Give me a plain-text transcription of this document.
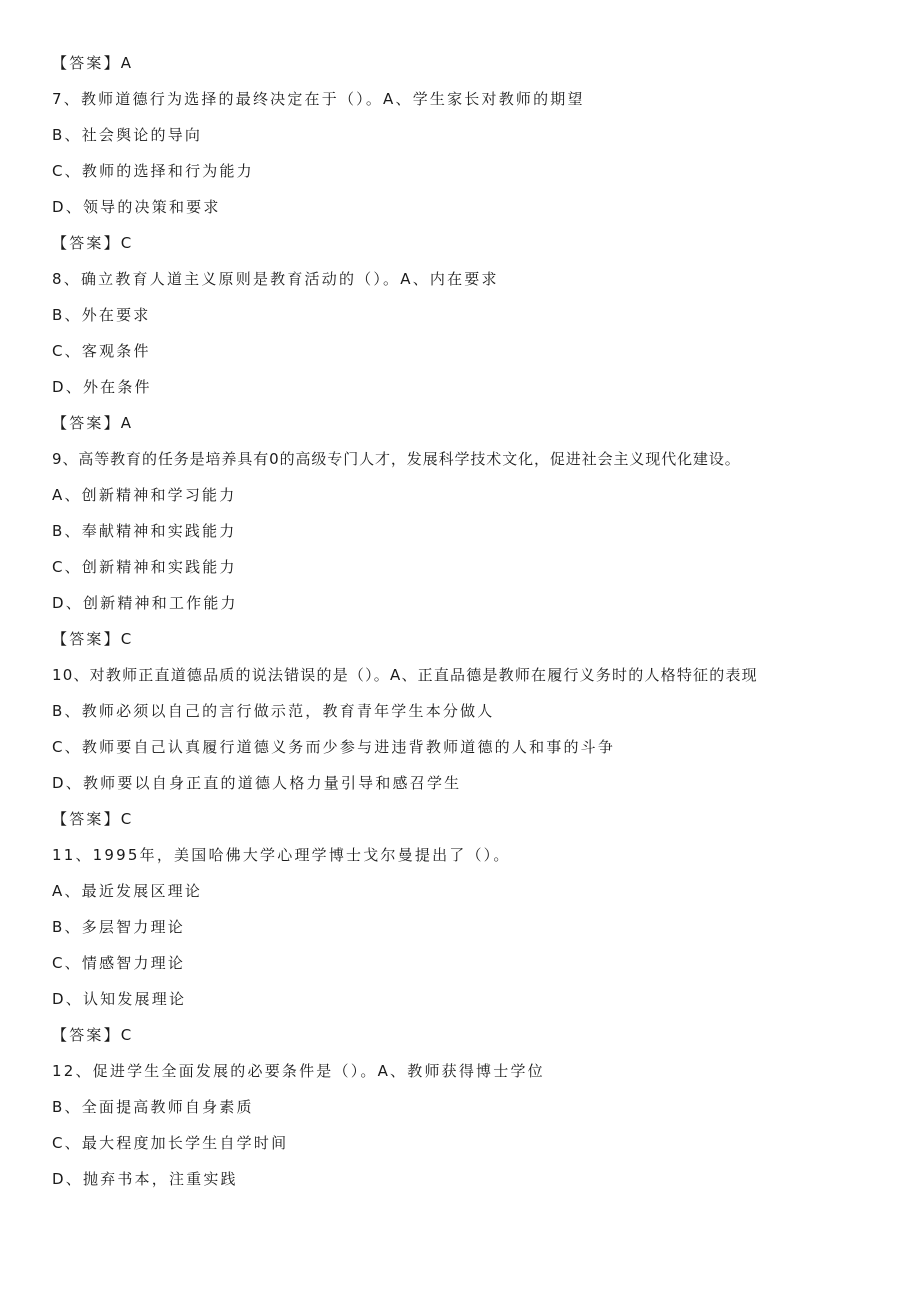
【答案】A
7、教师道德行为选择的最终决定在于（）。A、学生家长对教师的期望
B、社会舆论的导向
C、教师的选择和行为能力
D、领导的决策和要求
【答案】C
8、确立教育人道主义原则是教育活动的（）。A、内在要求
B、外在要求
C、客观条件
D、外在条件
【答案】A
9、高等教育的任务是培养具有0的高级专门人才，发展科学技术文化，促进社会主义现代化建设。
A、创新精神和学习能力
B、奉献精神和实践能力
C、创新精神和实践能力
D、创新精神和工作能力
【答案】C
10、对教师正直道德品质的说法错误的是（）。A、正直品德是教师在履行义务时的人格特征的表现
B、教师必须以自己的言行做示范，教育青年学生本分做人
C、教师要自己认真履行道德义务而少参与进违背教师道德的人和事的斗争
D、教师要以自身正直的道德人格力量引导和感召学生
【答案】C
11、1995年，美国哈佛大学心理学博士戈尔曼提出了（）。
A、最近发展区理论
B、多层智力理论
C、情感智力理论
D、认知发展理论
【答案】C
12、促进学生全面发展的必要条件是（）。A、教师获得博士学位
B、全面提高教师自身素质
C、最大程度加长学生自学时间
D、抛弃书本，注重实践
